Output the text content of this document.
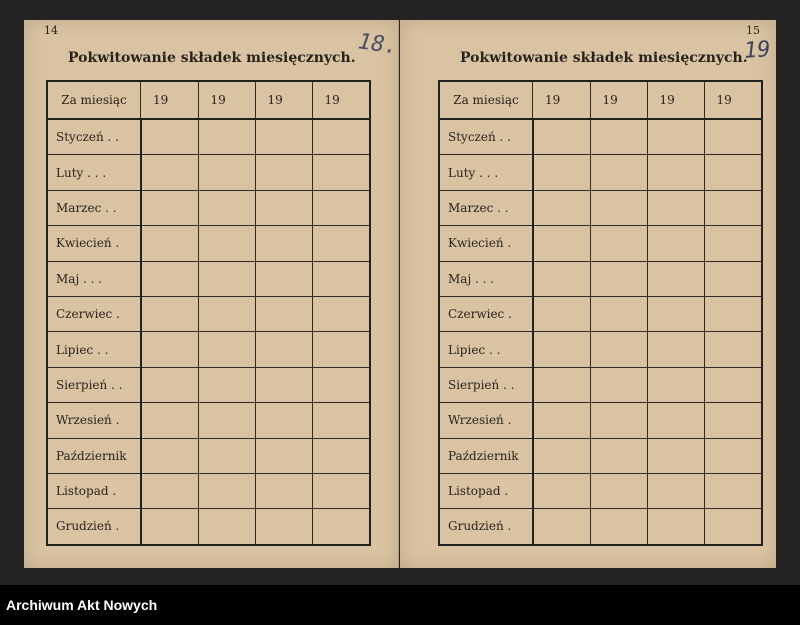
14
Pokwitowanie składek miesięcznych. 18.
Za miesiąc	19	19	19	19
Styczeń . .				
Luty . . .				
Marzec . .				
Kwiecień .				
Maj . . .				
Czerwiec .				
Lipiec . .				
Sierpień . .				
Wrzesień .				
Październik				
Listopad .				
Grudzień .				
15
Pokwitowanie składek miesięcznych.
19
Za miesiąc	19	19	19	19
Styczeń . .				
Luty . . .				
Marzec . .				
Kwiecień .				
Maj . . .				
Czerwiec .				
Lipiec . .				
Sierpień . .				
Wrzesień .				
Październik				
Listopad .				
Grudzień .				
Archiwum Akt Nowych
